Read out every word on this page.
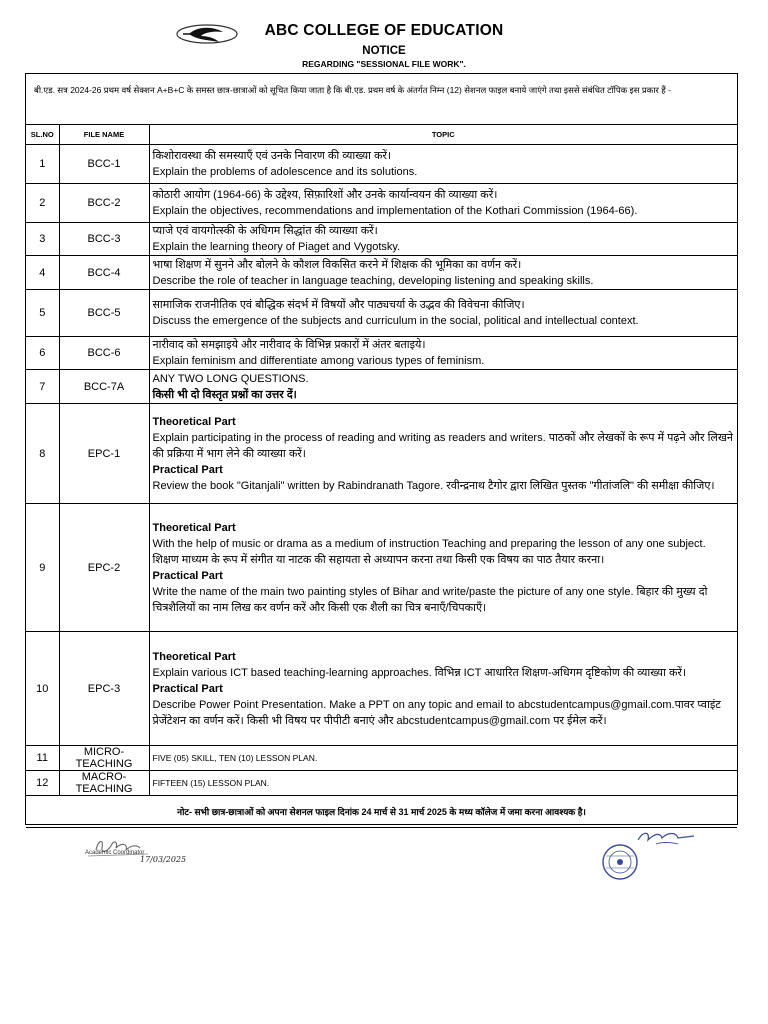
ABC COLLEGE OF EDUCATION
NOTICE
REGARDING "SESSIONAL FILE WORK".
बी.एड. सत्र 2024-26 प्रथम वर्ष सेक्शन A+B+C के समस्त छात्र-छात्राओं को सूचित किया जाता है कि बी.एड. प्रथम वर्ष के अंतर्गत निम्न (12) सेशनल फाइल बनाये जाएंगे तथा इससे संबंधित टॉपिक इस प्रकार हैं -
SL.NO	FILE NAME	TOPIC
1	BCC-1	किशोरावस्था की समस्याएँ एवं उनके निवारण की व्याख्या करें।
Explain the problems of adolescence and its solutions.

2	BCC-2	कोठारी आयोग (1964-66) के उद्देश्य, सिफ़ारिशों और उनके कार्यान्वयन की व्याख्या करें।
Explain the objectives, recommendations and implementation of the Kothari Commission (1964-66).

3	BCC-3	प्याजे एवं वायगोत्स्की के अधिगम सिद्धांत की व्याख्या करें।
Explain the learning theory of Piaget and Vygotsky.

4	BCC-4	भाषा शिक्षण में सुनने और बोलने के कौशल विकसित करने में शिक्षक की भूमिका का वर्णन करें।
Describe the role of teacher in language teaching, developing listening and speaking skills.

5	BCC-5	सामाजिक राजनीतिक एवं बौद्धिक संदर्भ में विषयों और पाठ्यचर्या के उद्भव की विवेचना कीजिए।
Discuss the emergence of the subjects and curriculum in the social, political and intellectual context.

6	BCC-6	नारीवाद को समझाइये और नारीवाद के विभिन्न प्रकारों में अंतर बताइये।
Explain feminism and differentiate among various types of feminism.

7	BCC-7A	ANY TWO LONG QUESTIONS.
किसी भी दो विस्तृत प्रश्नों का उत्तर दें।

8	EPC-1	Theoretical Part
Explain participating in the process of reading and writing as readers and writers. पाठकों और लेखकों के रूप में पढ़ने और लिखने की प्रक्रिया में भाग लेने की व्याख्या करें।
Practical Part
Review the book "Gitanjali" written by Rabindranath Tagore. रवीन्द्रनाथ टैगोर द्वारा लिखित पुस्तक "गीतांजलि" की समीक्षा कीजिए।

9	EPC-2	Theoretical Part
With the help of music or drama as a medium of instruction Teaching and preparing the lesson of any one subject. शिक्षण माध्यम के रूप में संगीत या नाटक की सहायता से अध्यापन करना तथा किसी एक विषय का पाठ तैयार करना।
Practical Part
Write the name of the main two painting styles of Bihar and write/paste the picture of any one style. बिहार की मुख्य दो चित्रशैलियों का नाम लिख कर वर्णन करें और किसी एक शैली का चित्र बनाएँ/चिपकाएँ।

10	EPC-3	Theoretical Part
Explain various ICT based teaching-learning approaches. विभिन्न ICT आधारित शिक्षण-अधिगम दृष्टिकोण की व्याख्या करें।
Practical Part
Describe Power Point Presentation. Make a PPT on any topic and email to abcstudentcampus@gmail.com.पावर प्वाइंट प्रेजेंटेशन का वर्णन करें। किसी भी विषय पर पीपीटी बनाएं और abcstudentcampus@gmail.com पर ईमेल करें।

11	MICRO-TEACHING	FIVE (05) SKILL, TEN (10) LESSON PLAN.

12	MACRO-TEACHING	FIFTEEN (15) LESSON PLAN.

नोट- सभी छात्र-छात्राओं को अपना सेशनल फाइल दिनांक 24 मार्च से 31 मार्च 2025 के मध्य कॉलेज में जमा करना आवश्यक है।		
Academic Coordinator
17/03/2025
